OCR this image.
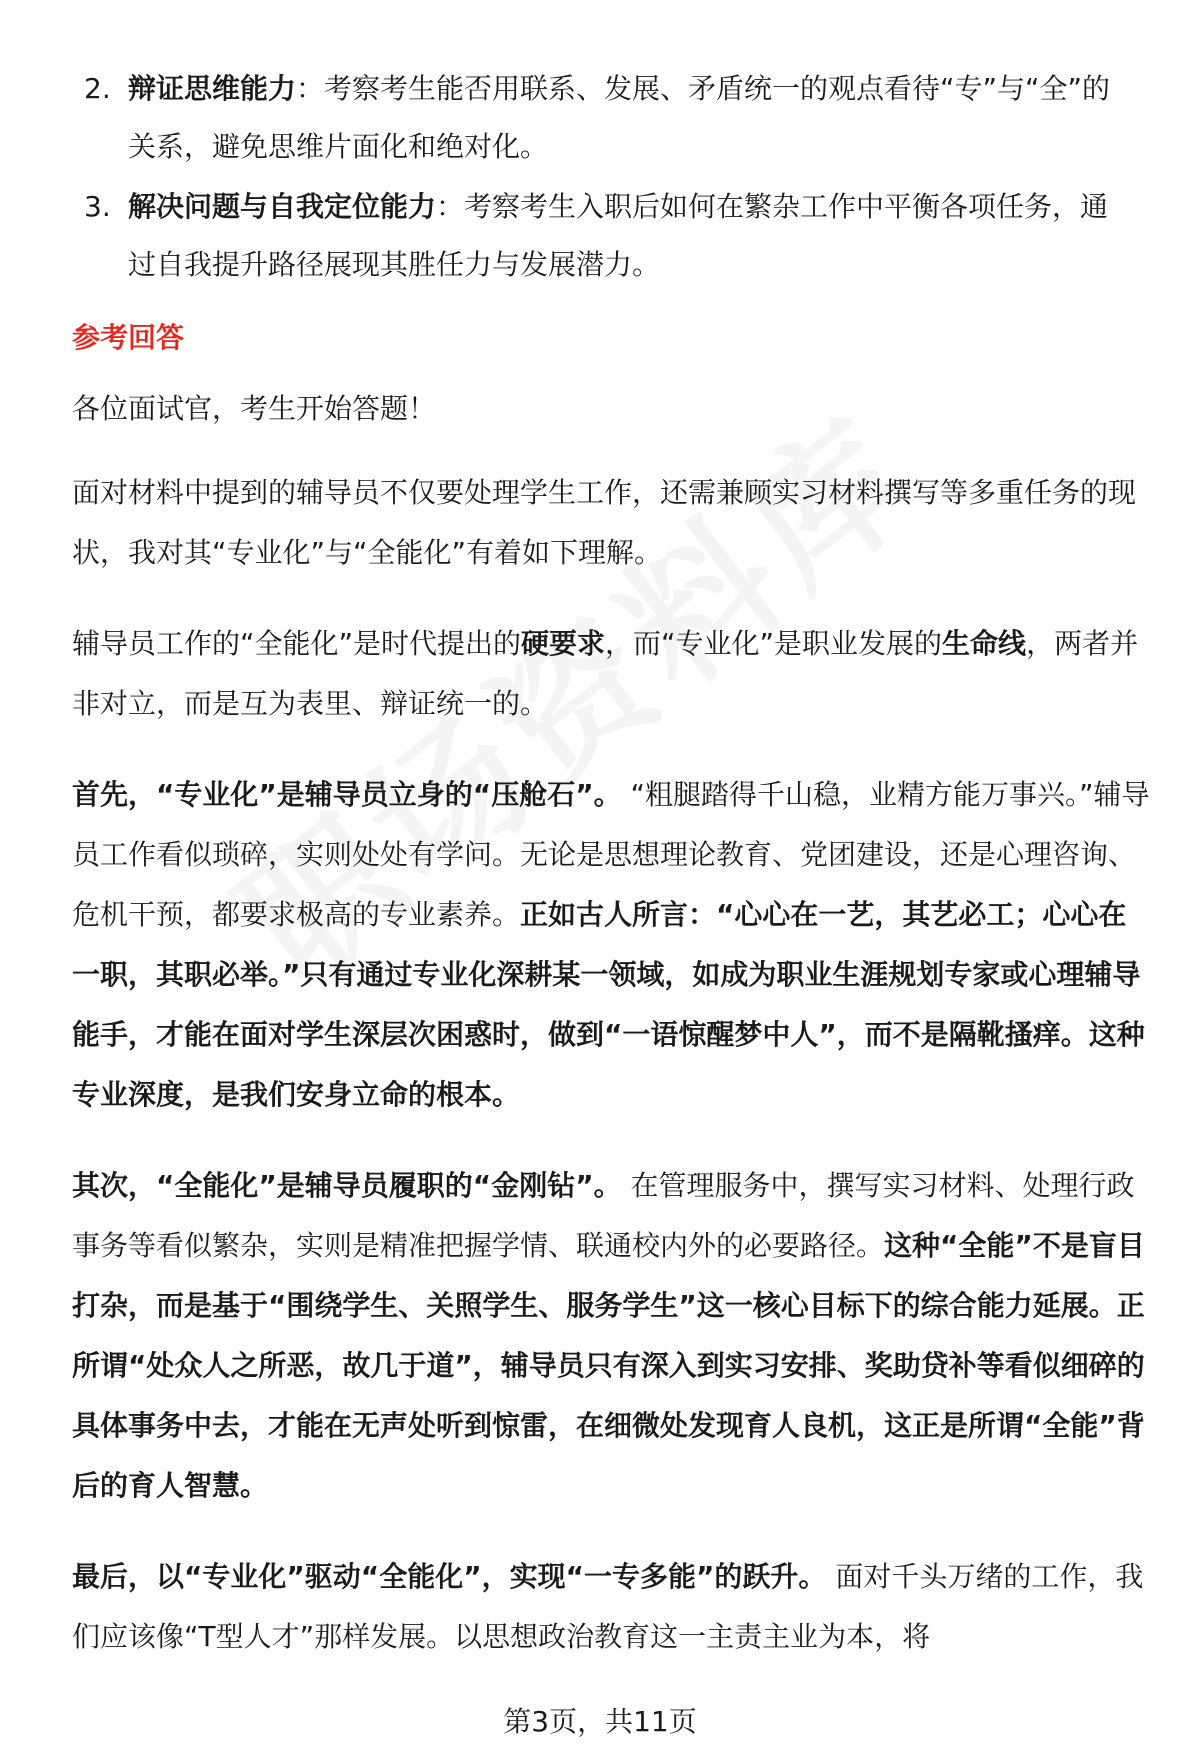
2. 辩证思维能力：考察考生能否用联系、发展、矛盾统一的观点看待“专”与“全”的关系，避免思维片面化和绝对化。
3. 解决问题与自我定位能力：考察考生入职后如何在繁杂工作中平衡各项任务，通过自我提升路径展现其胜任力与发展潜力。
参考回答

各位面试官，考生开始答题！

面对材料中提到的辅导员不仅要处理学生工作，还需兼顾实习材料撰写等多重任务的现状，我对其“专业化”与“全能化”有着如下理解。

辅导员工作的“全能化”是时代提出的硬要求，而“专业化”是职业发展的生命线，两者并非对立，而是互为表里、辩证统一的。

首先，“专业化”是辅导员立身的“压舱石”。 “粗腿踏得千山稳，业精方能万事兴。”辅导员工作看似琐碎，实则处处有学问。无论是思想理论教育、党团建设，还是心理咨询、危机干预，都要求极高的专业素养。正如古人所言：“心心在一艺，其艺必工；心心在一职，其职必举。”只有通过专业化深耕某一领域，如成为职业生涯规划专家或心理辅导能手，才能在面对学生深层次困惑时，做到“一语惊醒梦中人”，而不是隔靴搔痒。这种专业深度，是我们安身立命的根本。

其次，“全能化”是辅导员履职的“金刚钻”。 在管理服务中，撰写实习材料、处理行政事务等看似繁杂，实则是精准把握学情、联通校内外的必要路径。这种“全能”不是盲目打杂，而是基于“围绕学生、关照学生、服务学生”这一核心目标下的综合能力延展。正所谓“处众人之所恶，故几于道”，辅导员只有深入到实习安排、奖助贷补等看似细碎的具体事务中去，才能在无声处听到惊雷，在细微处发现育人良机，这正是所谓“全能”背后的育人智慧。

最后，以“专业化”驱动“全能化”，实现“一专多能”的跃升。 面对千头万绪的工作，我们应该像“T型人才”那样发展。以思想政治教育这一主责主业为本，将

第3页，共11页
